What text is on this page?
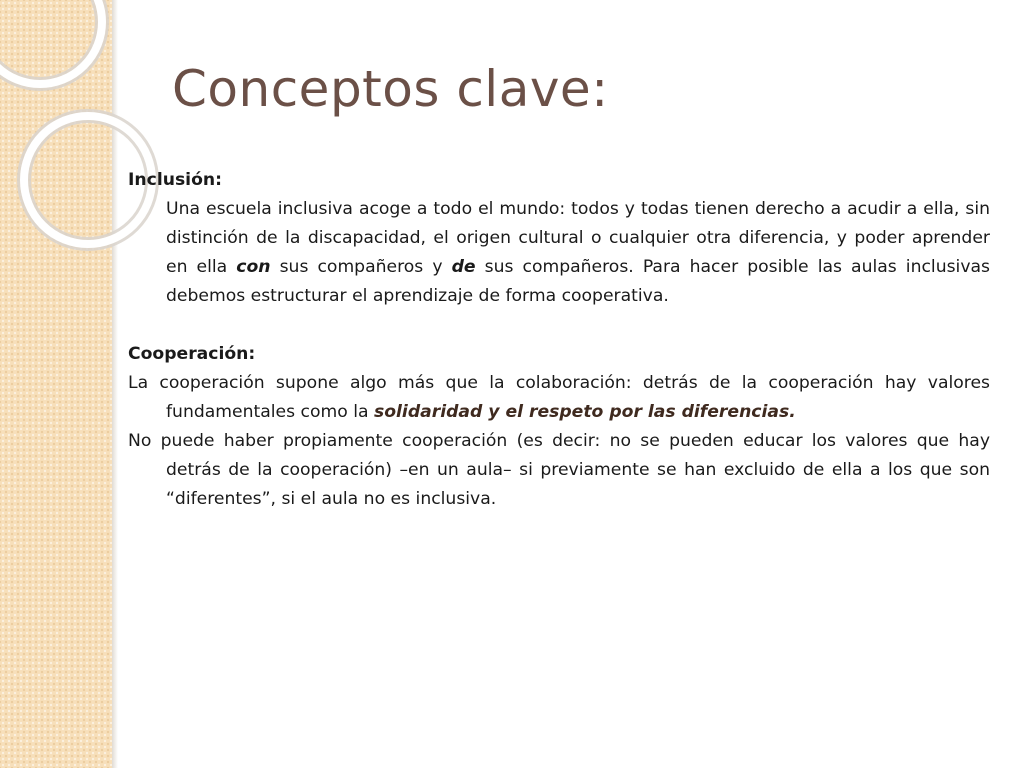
Conceptos clave:

Inclusión:

Una escuela inclusiva acoge a todo el mundo: todos y todas tienen derecho a acudir a ella, sin distinción de la discapacidad, el origen cultural o cualquier otra diferencia, y poder aprender en ella con sus compañeros y de sus compañeros. Para hacer posible las aulas inclusivas debemos estructurar el aprendizaje de forma cooperativa.

Cooperación:

La cooperación supone algo más que la colaboración: detrás de la cooperación hay valores fundamentales como la solidaridad y el respeto por las diferencias.

No puede haber propiamente cooperación (es decir: no se pueden educar los valores que hay detrás de la cooperación) –en un aula– si previamente se han excluido de ella a los que son “diferentes”, si el aula no es inclusiva.
